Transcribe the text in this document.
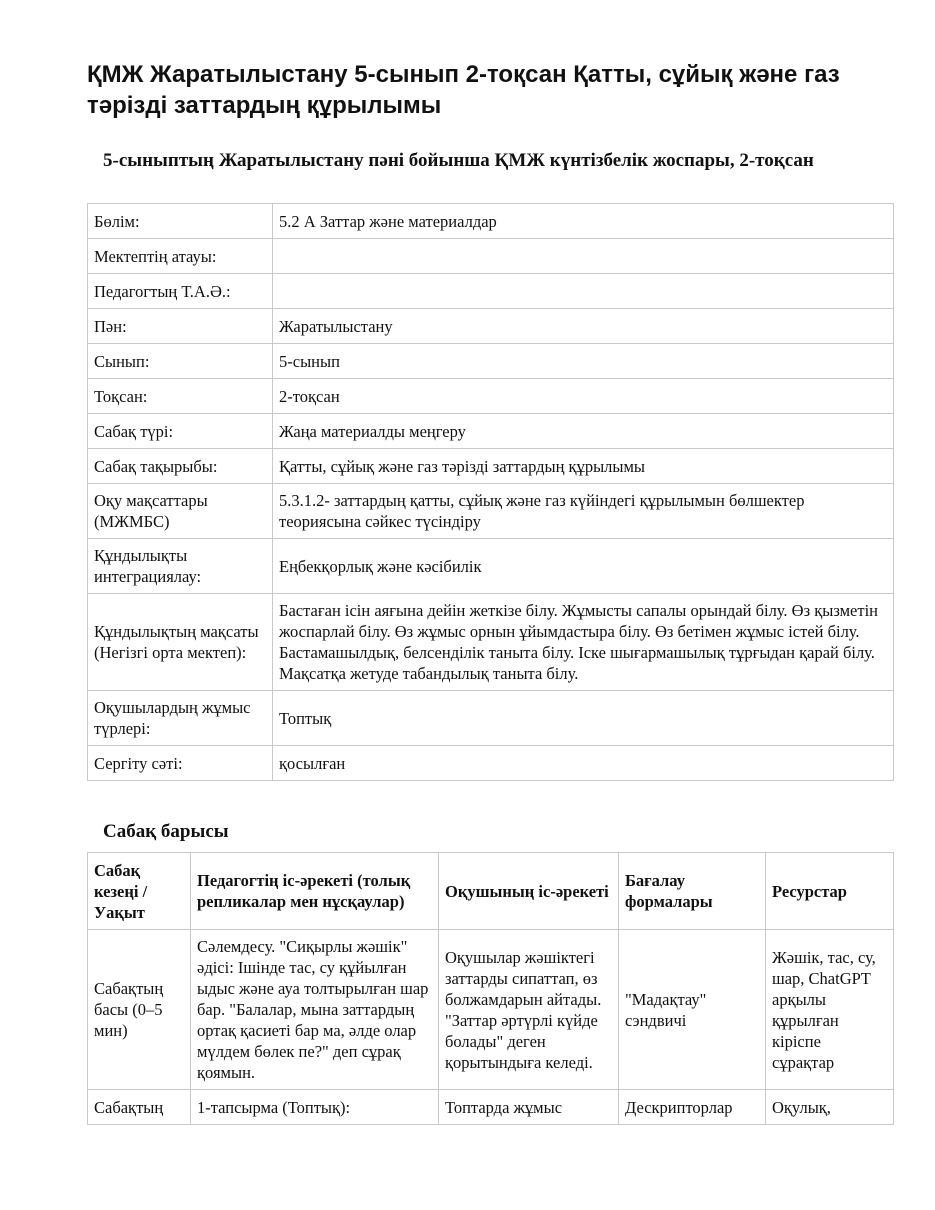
ҚМЖ Жаратылыстану 5-сынып 2-тоқсан Қатты, сұйық және газ тәрізді заттардың құрылымы
5-сыныптың Жаратылыстану пәні бойынша ҚМЖ күнтізбелік жоспары, 2-тоқсан
Бөлім:	5.2 А Заттар және материалдар
Мектептің атауы:	
Педагогтың Т.А.Ә.:	
Пән:	Жаратылыстану
Сынып:	5-сынып
Тоқсан:	2-тоқсан
Сабақ түрі:	Жаңа материалды меңгеру
Сабақ тақырыбы:	Қатты, сұйық және газ тәрізді заттардың құрылымы
Оқу мақсаттары (МЖМБС)	5.3.1.2- заттардың қатты, сұйық және газ күйіндегі құрылымын бөлшектер теориясына сәйкес түсіндіру
Құндылықты интеграциялау:	Еңбекқорлық және кәсібилік
Құндылықтың мақсаты (Негізгі орта мектеп):	Бастаған ісін аяғына дейін жеткізе білу. Жұмысты сапалы орындай білу. Өз қызметін жоспарлай білу. Өз жұмыс орнын ұйымдастыра білу. Өз бетімен жұмыс істей білу. Бастамашылдық, белсенділік таныта білу. Іске шығармашылық тұрғыдан қарай білу. Мақсатқа жетуде табандылық таныта білу.
Оқушылардың жұмыс түрлері:	Топтық
Сергіту сәті:	қосылған
Сабақ барысы
Сабақ кезеңі / Уақыт	Педагогтің іс-әрекеті (толық репликалар мен нұсқаулар)	Оқушының іс-әрекеті	Бағалау формалары	Ресурстар
Сабақтың басы (0–5 мин)	Сәлемдесу. "Сиқырлы жәшік" әдісі: Ішінде тас, су құйылған ыдыс және ауа толтырылған шар бар. "Балалар, мына заттардың ортақ қасиеті бар ма, әлде олар мүлдем бөлек пе?" деп сұрақ қоямын.	Оқушылар жәшіктегі заттарды сипаттап, өз болжамдарын айтады. "Заттар әртүрлі күйде болады" деген қорытындыға келеді.	"Мадақтау" сэндвичі	Жәшік, тас, су, шар, ChatGPT арқылы құрылған кіріспе сұрақтар
Сабақтың	1-тапсырма (Топтық):	Топтарда жұмыс	Дескрипторлар	Оқулық,
